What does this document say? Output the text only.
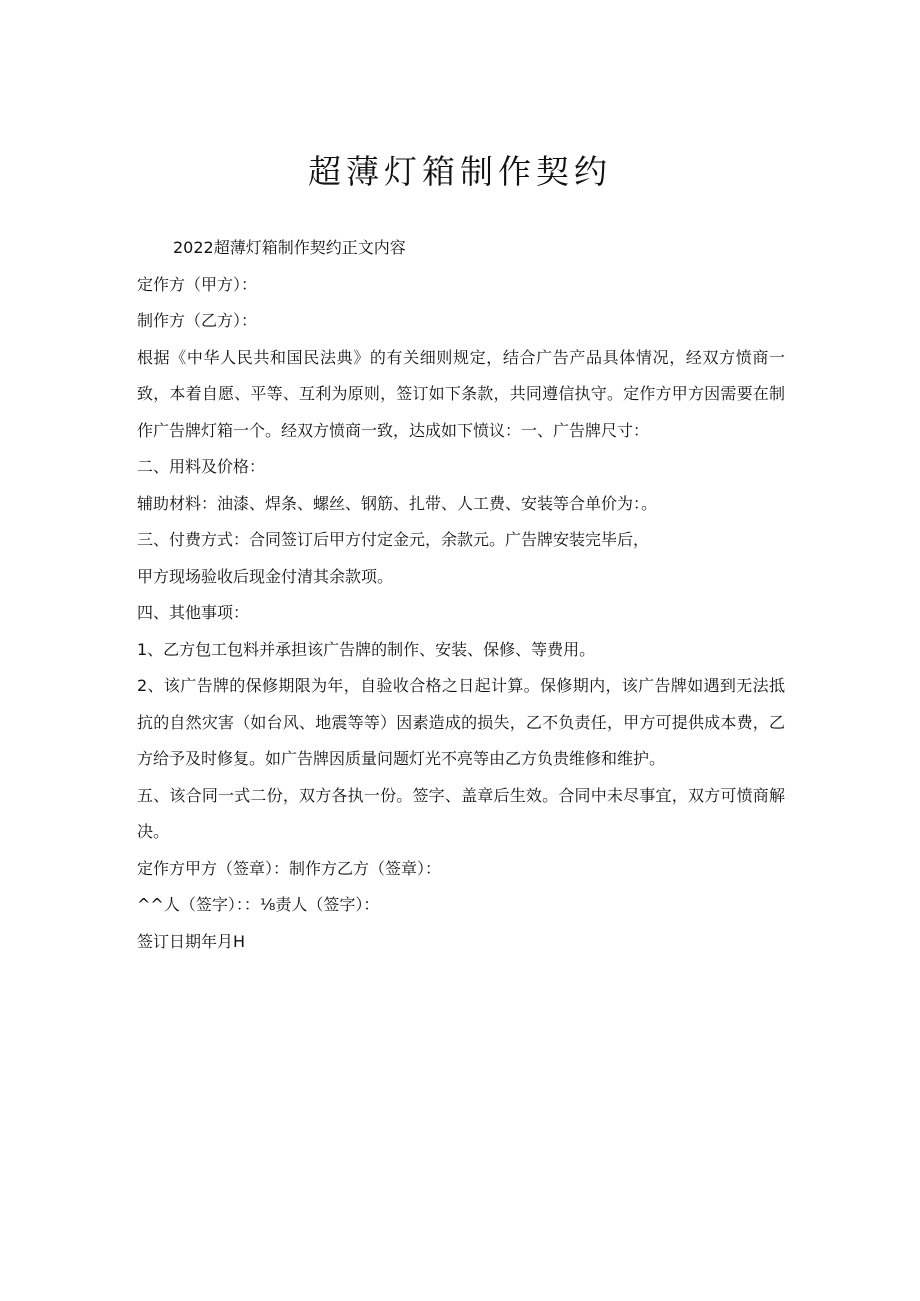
超薄灯箱制作契约

2022超薄灯箱制作契约正文内容

定作方（甲方）：

制作方（乙方）：

根据《中华人民共和国民法典》的有关细则规定，结合广告产品具体情况，经双方愤商一致，本着自愿、平等、互利为原则，签订如下条款，共同遵信执守。定作方甲方因需要在制作广告牌灯箱一个。经双方愤商一致，达成如下愤议：一、广告牌尺寸：

二、用料及价格：

辅助材料：油漆、焊条、螺丝、钢筋、扎带、人工费、安装等合单价为：。

三、付费方式：合同签订后甲方付定金元，余款元。广告牌安装完毕后，

甲方现场验收后现金付清其余款项。

四、其他事项：

1、乙方包工包料并承担该广告牌的制作、安装、保修、等费用。

2、该广告牌的保修期限为年，自验收合格之日起计算。保修期内，该广告牌如遇到无法抵抗的自然灾害（如台风、地震等等）因素造成的损失，乙不负责任，甲方可提供成本费，乙方给予及时修复。如广告牌因质量问题灯光不亮等由乙方负贵维修和维护。

五、该合同一式二份，双方各执一份。签字、盖章后生效。合同中未尽事宜，双方可愤商解决。

定作方甲方（签章）：制作方乙方（签章）：

^^人（签字）：：⅛责人（签字）：

签订日期年月H
